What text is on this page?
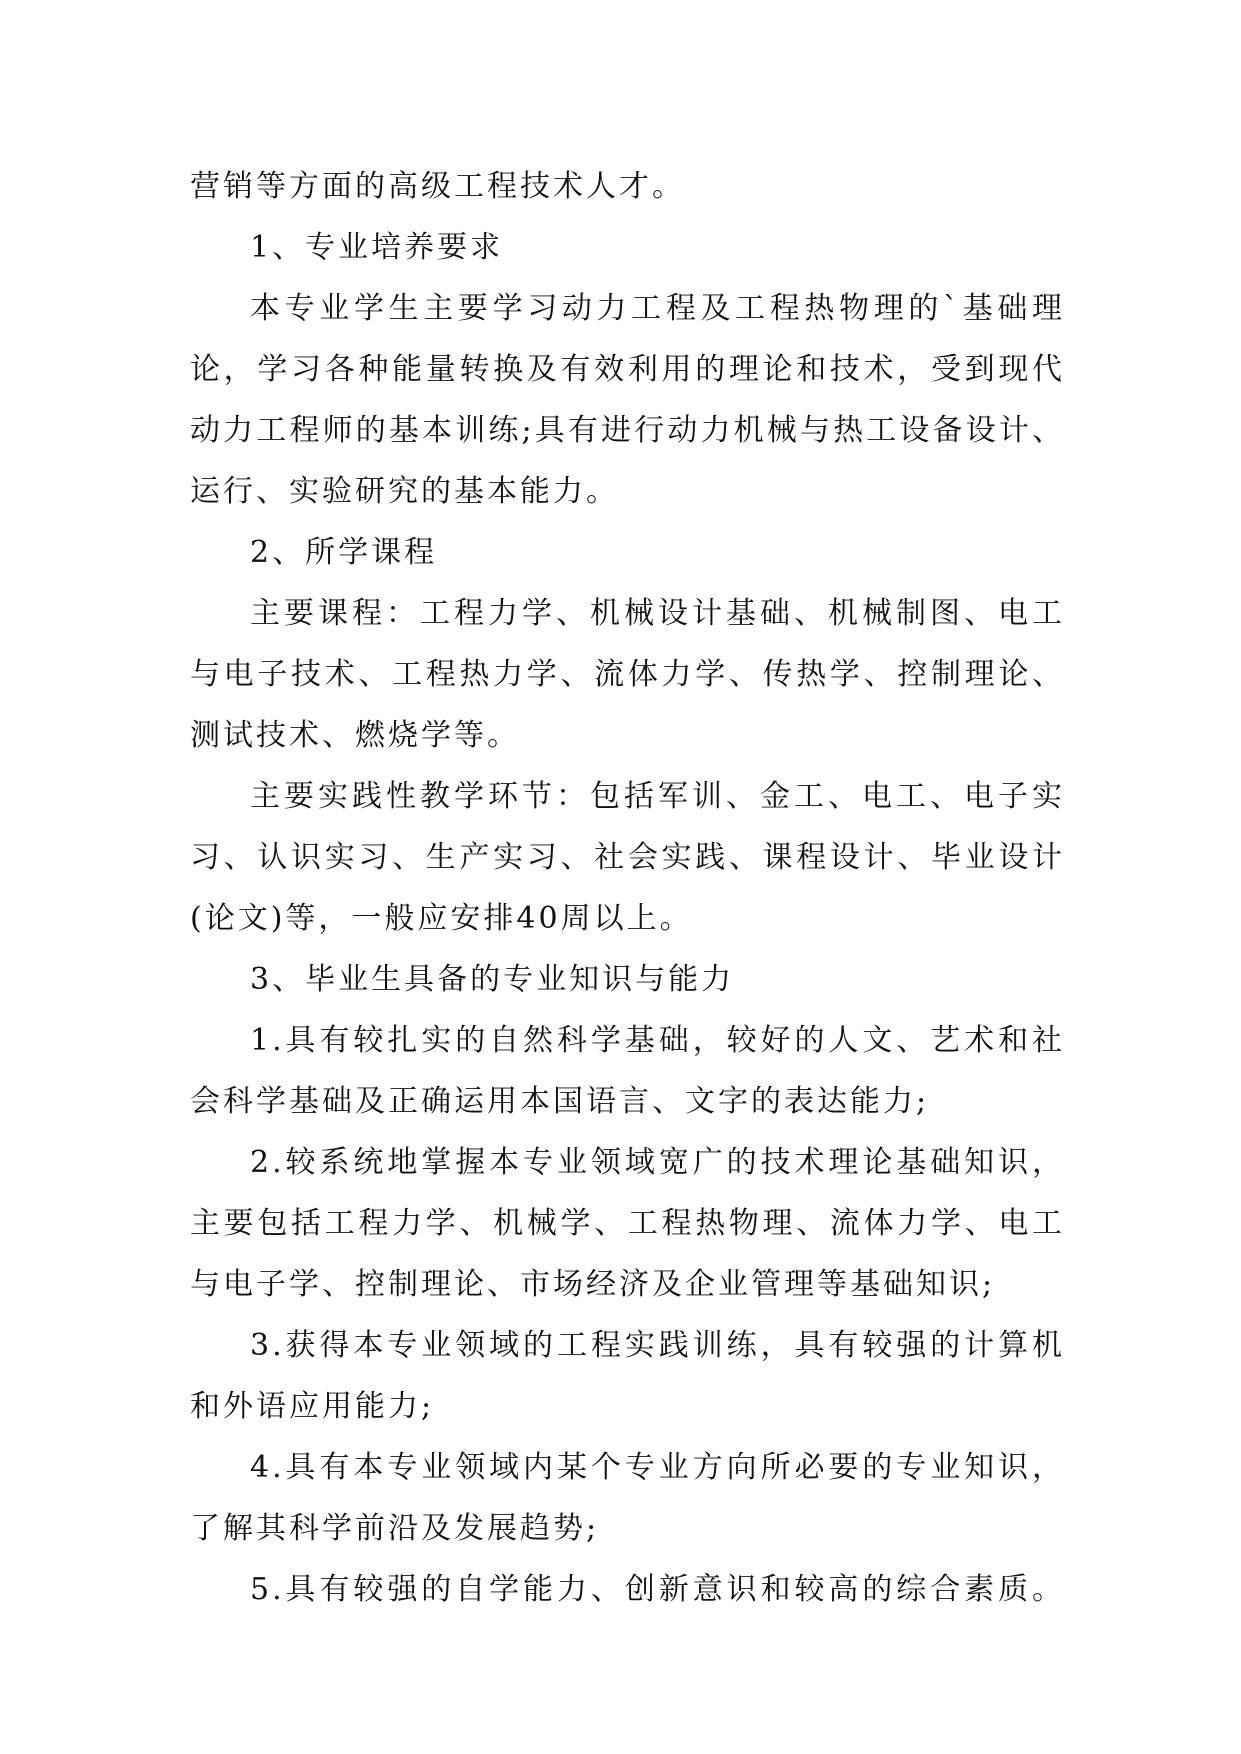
营销等方面的高级工程技术人才。
1、专业培养要求
本专业学生主要学习动力工程及工程热物理的`基础理
论，学习各种能量转换及有效利用的理论和技术，受到现代
动力工程师的基本训练;具有进行动力机械与热工设备设计、
运行、实验研究的基本能力。
2、所学课程
主要课程：工程力学、机械设计基础、机械制图、电工
与电子技术、工程热力学、流体力学、传热学、控制理论、
测试技术、燃烧学等。
主要实践性教学环节：包括军训、金工、电工、电子实
习、认识实习、生产实习、社会实践、课程设计、毕业设计
(论文)等，一般应安排40周以上。
3、毕业生具备的专业知识与能力
1.具有较扎实的自然科学基础，较好的人文、艺术和社
会科学基础及正确运用本国语言、文字的表达能力;
2.较系统地掌握本专业领域宽广的技术理论基础知识，
主要包括工程力学、机械学、工程热物理、流体力学、电工
与电子学、控制理论、市场经济及企业管理等基础知识;
3.获得本专业领域的工程实践训练，具有较强的计算机
和外语应用能力;
4.具有本专业领域内某个专业方向所必要的专业知识，
了解其科学前沿及发展趋势;
5.具有较强的自学能力、创新意识和较高的综合素质。
